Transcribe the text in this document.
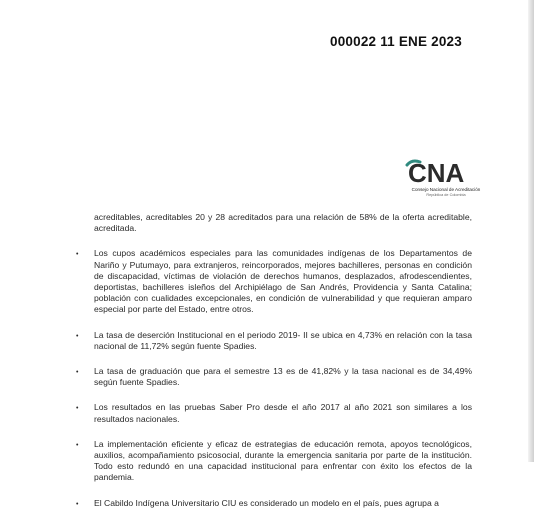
000022 11 ENE 2023
CNA
Consejo Nacional de Acreditación
República de Colombia
acreditables, acreditables 20 y 28 acreditados para una relación de 58% de la oferta acreditable, acreditada.
• Los cupos académicos especiales para las comunidades indígenas de los Departamentos de Nariño y Putumayo, para extranjeros, reincorporados, mejores bachilleres, personas en condición de discapacidad, víctimas de violación de derechos humanos, desplazados, afrodescendientes, deportistas, bachilleres isleños del Archipiélago de San Andrés, Providencia y Santa Catalina; población con cualidades excepcionales, en condición de vulnerabilidad y que requieran amparo especial por parte del Estado, entre otros.
• La tasa de deserción Institucional en el periodo 2019- II se ubica en 4,73% en relación con la tasa nacional de 11,72% según fuente Spadies.
• La tasa de graduación que para el semestre 13 es de 41,82% y la tasa nacional es de 34,49% según fuente Spadies.
• Los resultados en las pruebas Saber Pro desde el año 2017 al año 2021 son similares a los resultados nacionales.
• La implementación eficiente y eficaz de estrategias de educación remota, apoyos tecnológicos, auxilios, acompañamiento psicosocial, durante la emergencia sanitaria por parte de la institución. Todo esto redundó en una capacidad institucional para enfrentar con éxito los efectos de la pandemia.
• El Cabildo Indígena Universitario CIU es considerado un modelo en el país, pues agrupa a
